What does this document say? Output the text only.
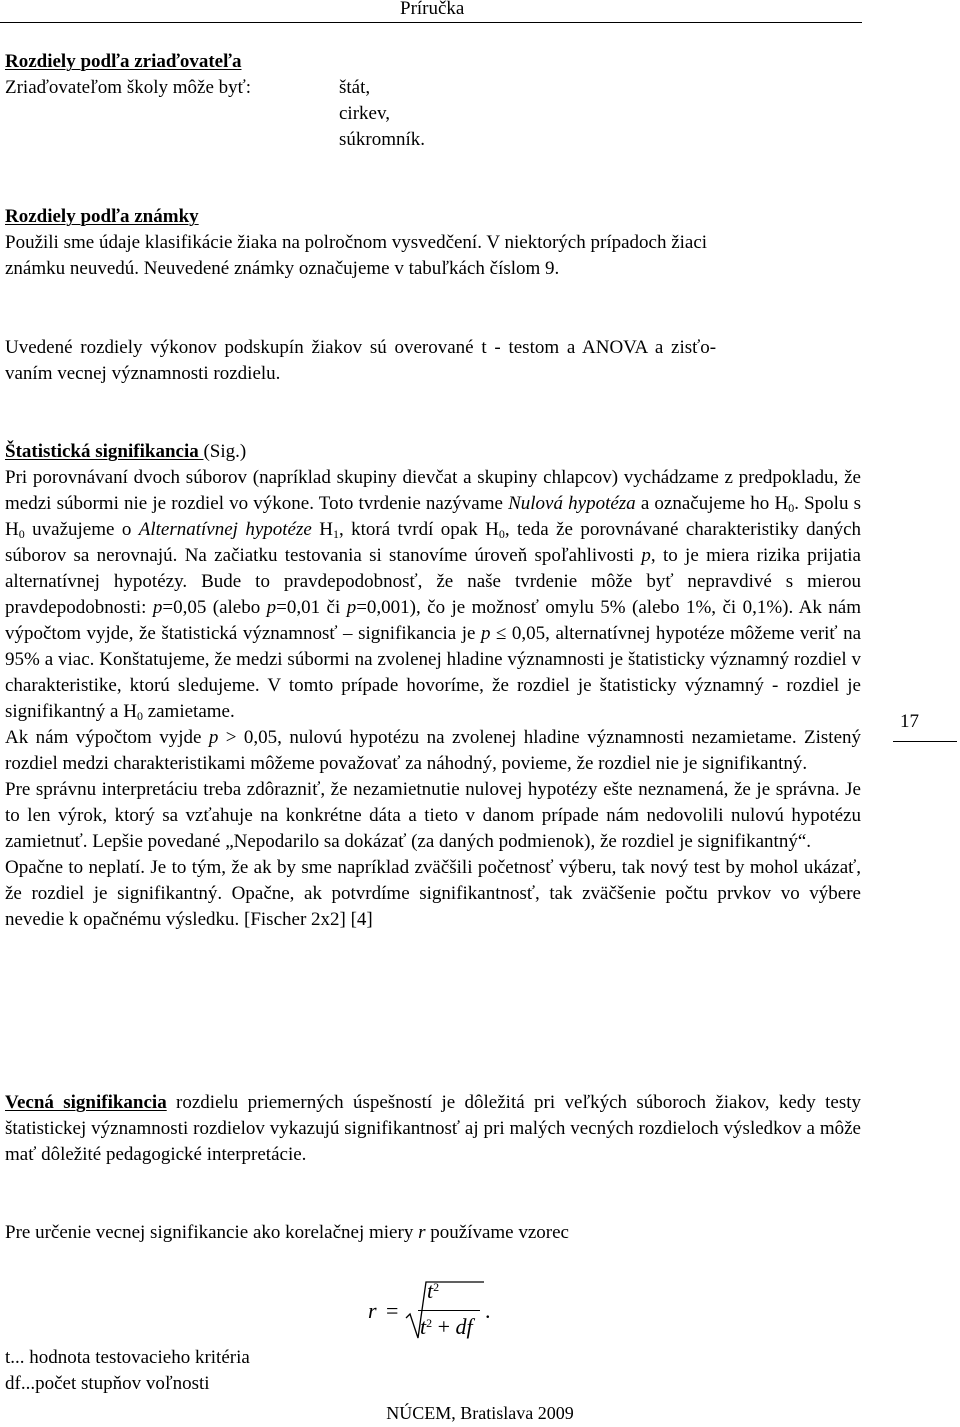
Príručka
Rozdiely podľa zriaďovateľa
Zriaďovateľom školy môže byť:	štát,
cirkev,
súkromník.
Rozdiely podľa známky
Použili sme údaje klasifikácie žiaka na polročnom vysvedčení. V niektorých prípadoch žiaci
známku neuvedú. Neuvedené známky označujeme v tabuľkách číslom 9.
Uvedené rozdiely výkonov podskupín žiakov sú overované t - testom a ANOVA a zisťo-
vaním vecnej významnosti rozdielu.
Štatistická signifikancia (Sig.)
Pri porovnávaní dvoch súborov (napríklad skupiny dievčat a skupiny chlapcov) vychádzame z predpokladu, že medzi súbormi nie je rozdiel vo výkone. Toto tvrdenie nazývame Nulová hypotéza a označujeme ho $H_0$. Spolu s $H_0$ uvažujeme o Alternatívnej hypotéze $H_1$, ktorá tvrdí opak $H_0$, teda že porovnávané charakteristiky daných súborov sa nerovnajú. Na začiatku testovania si stanovíme úroveň spoľahlivosti p, to je miera rizika prijatia alternatívnej hypotézy. Bude to pravdepodobnosť, že naše tvrdenie môže byť nepravdivé s mierou pravdepodobnosti: p=0,05 (alebo p=0,01 či p=0,001), čo je možnosť omylu 5% (alebo 1%, či 0,1%). Ak nám výpočtom vyjde, že štatistická významnosť – signifikancia je p ≤ 0,05, alternatívnej hypotéze môžeme veriť na 95% a viac. Konštatujeme, že medzi súbormi na zvolenej hladine významnosti je štatisticky významný rozdiel v charakteristike, ktorú sledujeme. V tomto prípade hovoríme, že rozdiel je štatisticky významný - rozdiel je signifikantný a $H_0$ zamietame.
Ak nám výpočtom vyjde p > 0,05, nulovú hypotézu na zvolenej hladine významnosti nezamietame. Zistený rozdiel medzi charakteristikami môžeme považovať za náhodný, povieme, že rozdiel nie je signifikantný.
Pre správnu interpretáciu treba zdôrazniť, že nezamietnutie nulovej hypotézy ešte neznamená, že je správna. Je to len výrok, ktorý sa vzťahuje na konkrétne dáta a tieto v danom prípade nám nedovolili nulovú hypotézu zamietnuť. Lepšie povedané „Nepodarilo sa dokázať (za daných podmienok), že rozdiel je signifikantný“.
Opačne to neplatí. Je to tým, že ak by sme napríklad zväčšili početnosť výberu, tak nový test by mohol ukázať, že rozdiel je signifikantný. Opačne, ak potvrdíme signifikantnosť, tak zväčšenie počtu prvkov vo výbere nevedie k opačnému výsledku. [Fischer 2x2] [4]
17
Vecná signifikancia rozdielu priemerných úspešností je dôležitá pri veľkých súboroch žiakov, kedy testy štatistickej významnosti rozdielov vykazujú signifikantnosť aj pri malých vecných rozdieloch výsledkov a môže mať dôležité pedagogické interpretácie.
Pre určenie vecnej signifikancie ako korelačnej miery r používame vzorec
r =
$t^2$
$t^2$ + df
.
t... hodnota testovacieho kritéria
df...počet stupňov voľnosti
NÚCEM, Bratislava 2009
